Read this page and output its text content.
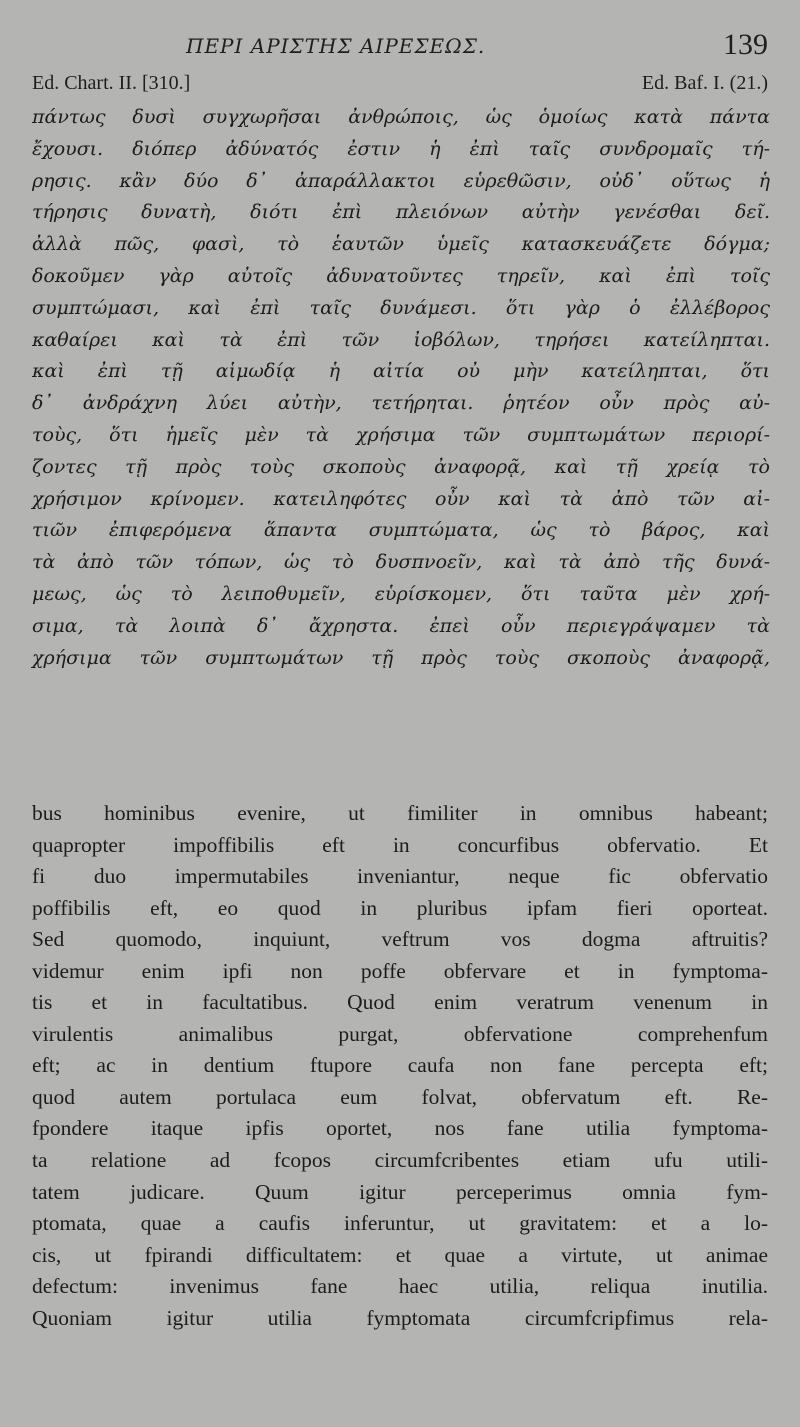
ΠΕΡΙ ΑΡΙΣΤΗΣ ΑΙΡΕΣΕΩΣ.	139
Ed. Chart. II. [310.]	Ed. Baf. I. (21.)
πάντως δυσὶ συγχωρῆσαι ἀνθρώποις, ὡς ὁμοίως κατὰ πάντα
ἔχουσι. διόπερ ἀδύνατός ἐστιν ἡ ἐπὶ ταῖς συνδρομαῖς τή-
ρησις. κἂν δύο δ᾽ ἀπαράλλακτοι εὑρεθῶσιν, οὐδ᾽ οὕτως ἡ
τήρησις δυνατὴ, διότι ἐπὶ πλειόνων αὐτὴν γενέσθαι δεῖ.
ἀλλὰ πῶς, φασὶ, τὸ ἑαυτῶν ὑμεῖς κατασκευάζετε δόγμα;
δοκοῦμεν γὰρ αὐτοῖς ἀδυνατοῦντες τηρεῖν, καὶ ἐπὶ τοῖς
συμπτώμασι, καὶ ἐπὶ ταῖς δυνάμεσι. ὅτι γὰρ ὁ ἐλλέβορος
καθαίρει καὶ τὰ ἐπὶ τῶν ἰοβόλων, τηρήσει κατείληπται.
καὶ ἐπὶ τῇ αἱμωδίᾳ ἡ αἰτία οὐ μὴν κατείληπται, ὅτι
δ᾽ ἀνδράχνη λύει αὐτὴν, τετήρηται. ῥητέον οὖν πρὸς αὐ-
τοὺς, ὅτι ἡμεῖς μὲν τὰ χρήσιμα τῶν συμπτωμάτων περιορί-
ζοντες τῇ πρὸς τοὺς σκοποὺς ἀναφορᾷ, καὶ τῇ χρείᾳ τὸ
χρήσιμον κρίνομεν. κατειληφότες οὖν καὶ τὰ ἀπὸ τῶν αἰ-
τιῶν ἐπιφερόμενα ἅπαντα συμπτώματα, ὡς τὸ βάρος, καὶ
τὰ ἀπὸ τῶν τόπων, ὡς τὸ δυσπνοεῖν, καὶ τὰ ἀπὸ τῆς δυνά-
μεως, ὡς τὸ λειποθυμεῖν, εὑρίσκομεν, ὅτι ταῦτα μὲν χρή-
σιμα, τὰ λοιπὰ δ᾽ ἄχρηστα. ἐπεὶ οὖν περιεγράψαμεν τὰ
χρήσιμα τῶν συμπτωμάτων τῇ πρὸς τοὺς σκοποὺς ἀναφορᾷ,
bus hominibus evenire, ut fimiliter in omnibus habeant;
quapropter impoffibilis eft in concurfibus obfervatio. Et
fi duo impermutabiles inveniantur, neque fic obfervatio
poffibilis eft, eo quod in pluribus ipfam fieri oporteat.
Sed quomodo, inquiunt, veftrum vos dogma aftruitis?
videmur enim ipfi non poffe obfervare et in fymptoma-
tis et in facultatibus. Quod enim veratrum venenum in
virulentis animalibus purgat, obfervatione comprehenfum
eft; ac in dentium ftupore caufa non fane percepta eft;
quod autem portulaca eum folvat, obfervatum eft. Re-
fpondere itaque ipfis oportet, nos fane utilia fymptoma-
ta relatione ad fcopos circumfcribentes etiam ufu utili-
tatem judicare. Quum igitur perceperimus omnia fym-
ptomata, quae a caufis inferuntur, ut gravitatem: et a lo-
cis, ut fpirandi difficultatem: et quae a virtute, ut animae
defectum: invenimus fane haec utilia, reliqua inutilia.
Quoniam igitur utilia fymptomata circumfcripfimus rela-
